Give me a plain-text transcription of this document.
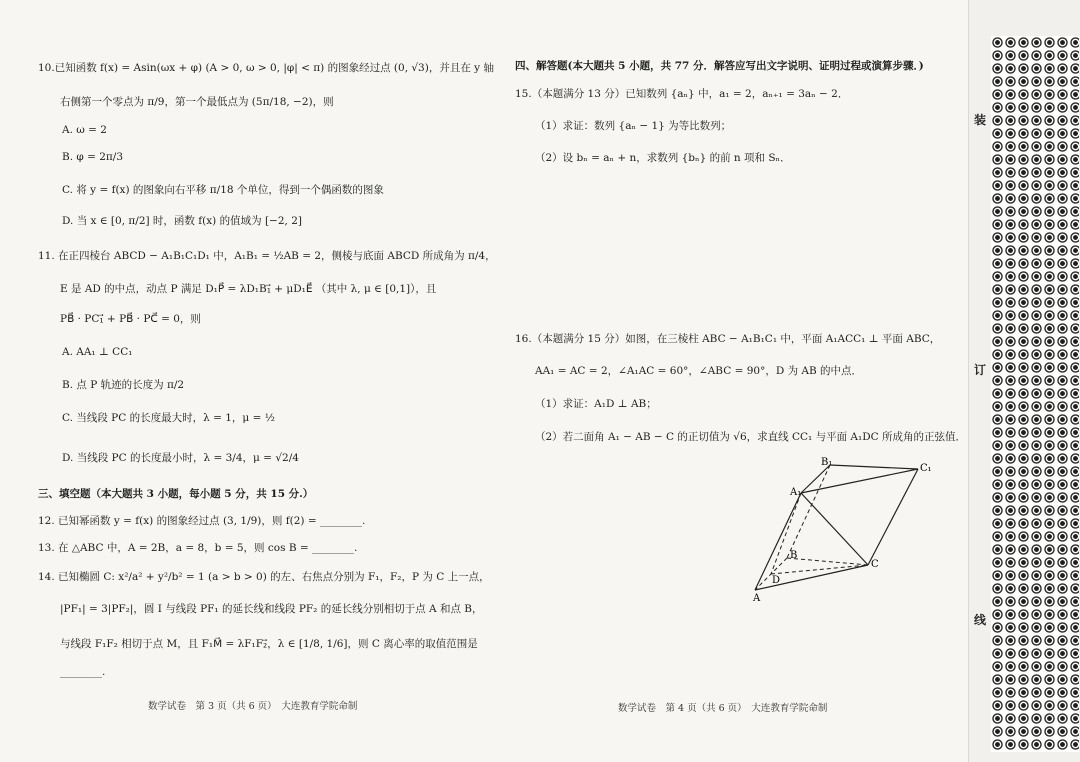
10.已知函数 f(x) = Asin(ωx + φ) (A > 0, ω > 0, |φ| < π) 的图象经过点 (0, √3)，并且在 y 轴
右侧第一个零点为 π/9，第一个最低点为 (5π/18, −2)，则
A. ω = 2
B. φ = 2π/3
C. 将 y = f(x) 的图象向右平移 π/18 个单位，得到一个偶函数的图象
D. 当 x ∈ [0, π/2] 时，函数 f(x) 的值域为 [−2, 2]
11. 在正四棱台 ABCD − A₁B₁C₁D₁ 中，A₁B₁ = ½AB = 2，侧棱与底面 ABCD 所成角为 π/4，
E 是 AD 的中点，动点 P 满足 D₁P⃗ = λD₁B₁⃗ + μD₁E⃗ （其中 λ, μ ∈ [0,1]），且
PB⃗ · PC₁⃗ + PB⃗ · PC⃗ = 0，则
A. AA₁ ⊥ CC₁
B. 点 P 轨迹的长度为 π/2
C. 当线段 PC 的长度最大时，λ = 1，μ = ½
D. 当线段 PC 的长度最小时，λ = 3/4，μ = √2/4
三、填空题（本大题共 3 小题，每小题 5 分，共 15 分.）
12. 已知幂函数 y = f(x) 的图象经过点 (3, 1/9)，则 f(2) = ________.
13. 在 △ABC 中，A = 2B，a = 8，b = 5，则 cos B = ________.
14. 已知椭圆 C: x²/a² + y²/b² = 1 (a > b > 0) 的左、右焦点分别为 F₁，F₂，P 为 C 上一点，
|PF₁| = 3|PF₂|，圆 I 与线段 PF₁ 的延长线和线段 PF₂ 的延长线分别相切于点 A 和点 B，
与线段 F₁F₂ 相切于点 M，且 F₁M⃗ = λF₁F₂⃗，λ ∈ [1/8, 1/6]，则 C 离心率的取值范围是
________.
数学试卷　第 3 页（共 6 页）　大连教育学院命制
四、解答题(本大题共 5 小题，共 77 分．解答应写出文字说明、证明过程或演算步骤．)
15.（本题满分 13 分）已知数列 {aₙ} 中，a₁ = 2，aₙ₊₁ = 3aₙ − 2．
（1）求证：数列 {aₙ − 1} 为等比数列；
（2）设 bₙ = aₙ + n，求数列 {bₙ} 的前 n 项和 Sₙ．
16.（本题满分 15 分）如图，在三棱柱 ABC − A₁B₁C₁ 中，平面 A₁ACC₁ ⊥ 平面 ABC，
AA₁ = AC = 2，∠A₁AC = 60°，∠ABC = 90°，D 为 AB 的中点．
（1）求证：A₁D ⊥ AB；
（2）若二面角 A₁ − AB − C 的正切值为 √6，求直线 CC₁ 与平面 A₁DC 所成角的正弦值．
B₁
C₁
A₁
B
C
D
A
数学试卷　第 4 页（共 6 页）　大连教育学院命制
装
订
线
